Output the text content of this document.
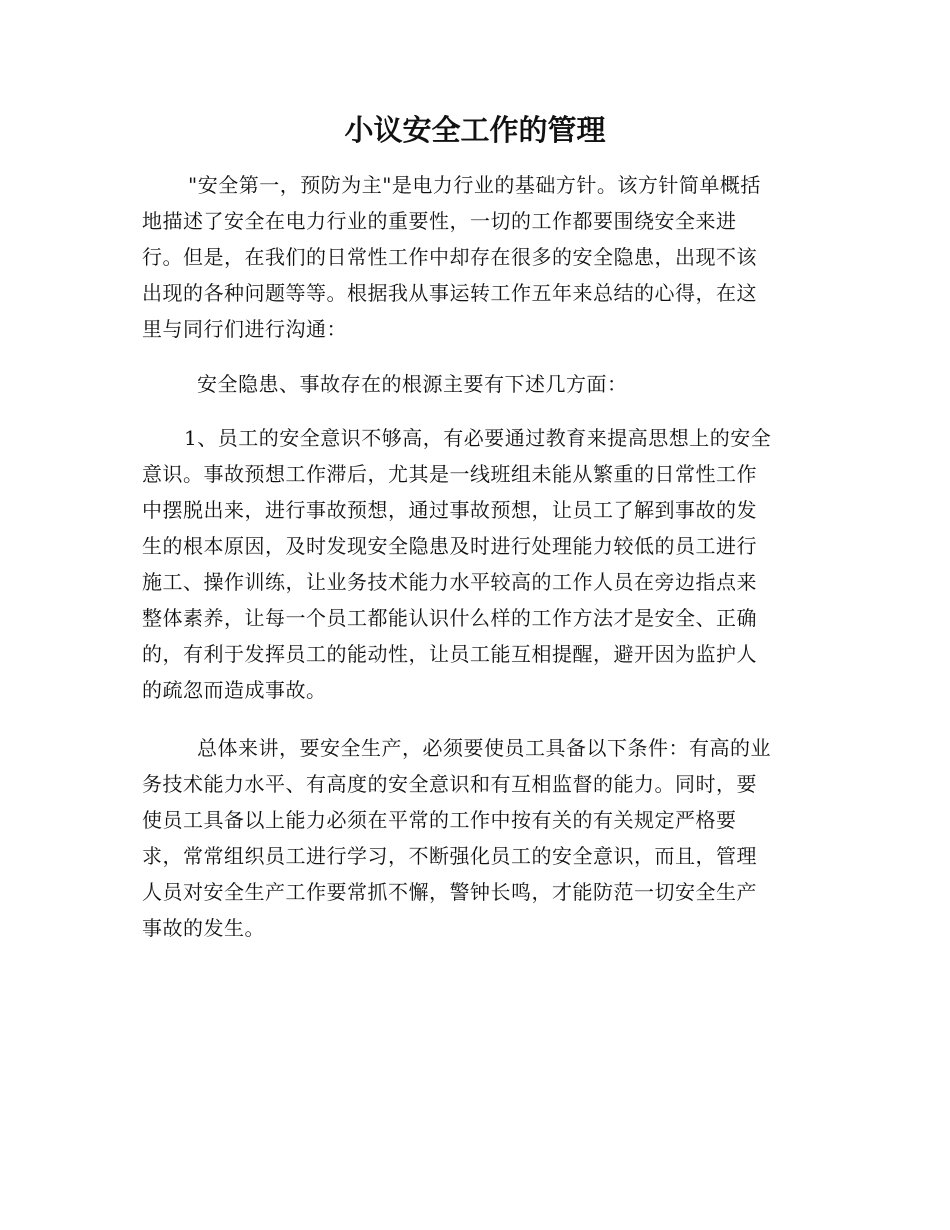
小议安全工作的管理
"安全第一，预防为主"是电力行业的基础方针。该方针简单概括
地描述了安全在电力行业的重要性，一切的工作都要围绕安全来进
行。但是，在我们的日常性工作中却存在很多的安全隐患，出现不该
出现的各种问题等等。根据我从事运转工作五年来总结的心得，在这
里与同行们进行沟通：
安全隐患、事故存在的根源主要有下述几方面：
1、员工的安全意识不够高，有必要通过教育来提高思想上的安全
意识。事故预想工作滞后，尤其是一线班组未能从繁重的日常性工作
中摆脱出来，进行事故预想，通过事故预想，让员工了解到事故的发
生的根本原因，及时发现安全隐患及时进行处理能力较低的员工进行
施工、操作训练，让业务技术能力水平较高的工作人员在旁边指点来
整体素养，让每一个员工都能认识什么样的工作方法才是安全、正确
的，有利于发挥员工的能动性，让员工能互相提醒，避开因为监护人
的疏忽而造成事故。
总体来讲，要安全生产，必须要使员工具备以下条件：有高的业
务技术能力水平、有高度的安全意识和有互相监督的能力。同时，要
使员工具备以上能力必须在平常的工作中按有关的有关规定严格要
求，常常组织员工进行学习，不断强化员工的安全意识，而且，管理
人员对安全生产工作要常抓不懈，警钟长鸣，才能防范一切安全生产
事故的发生。
